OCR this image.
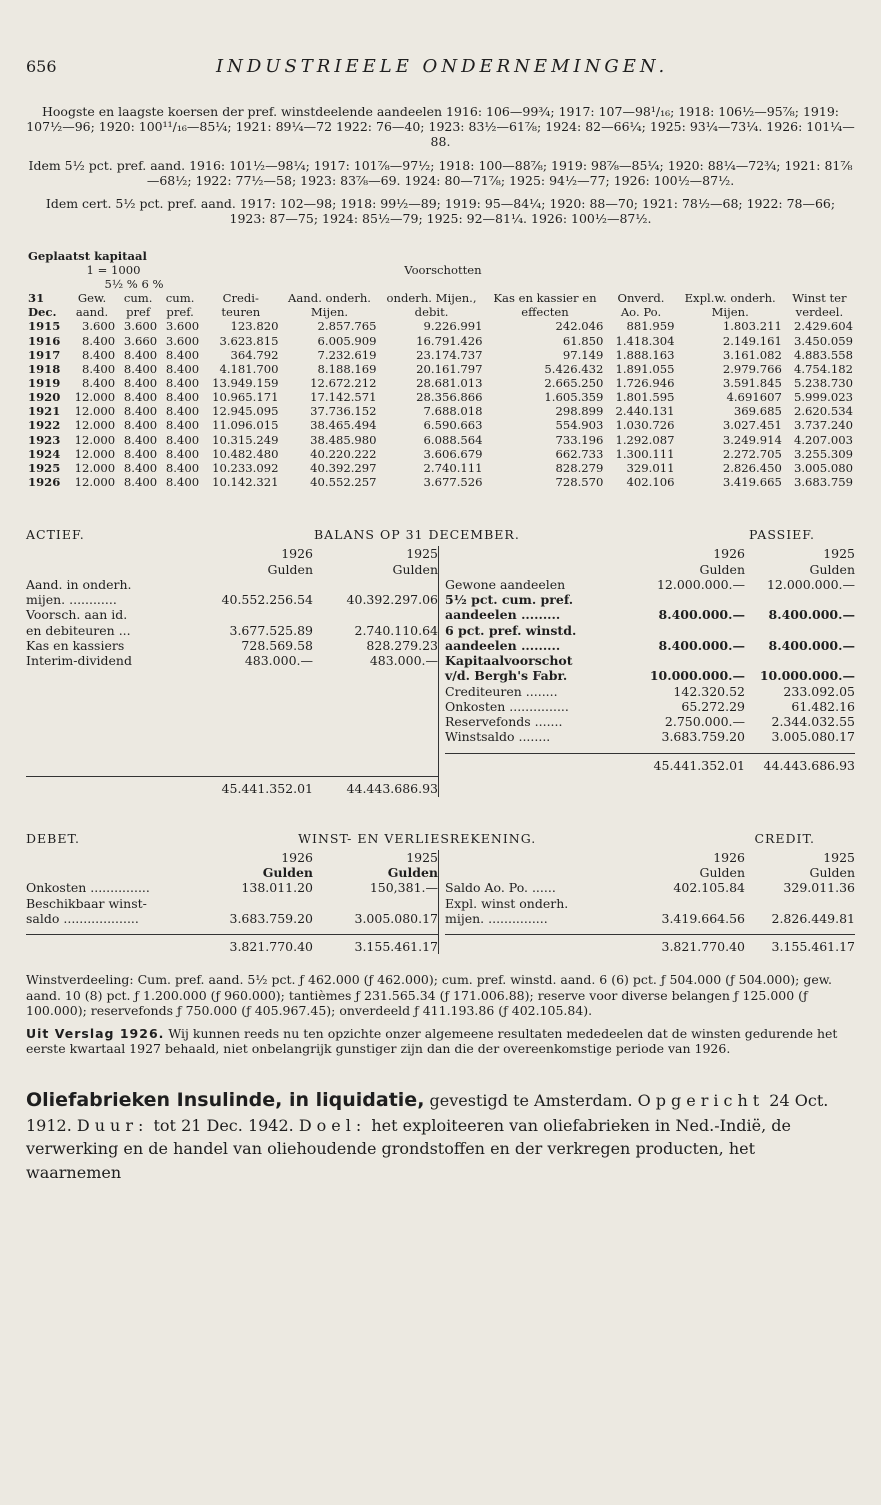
656	INDUSTRIEELE ONDERNEMINGEN.

Hoogste en laagste koersen der pref. winstdeelende aandeelen 1916: 106—99¾; 1917: 107—98¹/₁₆; 1918: 106½—95⅞; 1919: 107½—96; 1920: 100¹¹/₁₆—85¼; 1921: 89¼—72 1922: 76—40; 1923: 83½—61⅞; 1924: 82—66¼; 1925: 93¼—73¼. 1926: 101¼—88.

Idem 5½ pct. pref. aand. 1916: 101½—98¼; 1917: 101⅞—97½; 1918: 100—88⅞; 1919: 98⅞—85¼; 1920: 88¼—72¾; 1921: 81⅞—68½; 1922: 77½—58; 1923: 83⅞—69. 1924: 80—71⅞; 1925: 94½—77; 1926: 100½—87½.

Idem cert. 5½ pct. pref. aand. 1917: 102—98; 1918: 99½—89; 1919: 95—84¼; 1920: 88—70; 1921: 78½—68; 1922: 78—66; 1923: 87—75; 1924: 85½—79; 1925: 92—81¼. 1926: 100½—87½.

Geplaatst kapitaal										
1 = 1000					Voorschotten					
	5½ % 6 %									
31	Gew.	cum.	cum.	Credi-	Aand. onderh.	onderh. Mijen.,	Kas en kassier en	Onverd.	Expl.w. onderh.	Winst ter
Dec.	aand.	pref	pref.	teuren	Mijen.	debit.	effecten	Ao. Po.	Mijen.	verdeel.
1915	3.600	3.600	3.600	123.820	2.857.765	9.226.991	242.046	881.959	1.803.211	2.429.604
1916	8.400	3.660	3.600	3.623.815	6.005.909	16.791.426	61.850	1.418.304	2.149.161	3.450.059
1917	8.400	8.400	8.400	364.792	7.232.619	23.174.737	97.149	1.888.163	3.161.082	4.883.558
1918	8.400	8.400	8.400	4.181.700	8.188.169	20.161.797	5.426.432	1.891.055	2.979.766	4.754.182
1919	8.400	8.400	8.400	13.949.159	12.672.212	28.681.013	2.665.250	1.726.946	3.591.845	5.238.730
1920	12.000	8.400	8.400	10.965.171	17.142.571	28.356.866	1.605.359	1.801.595	4.691607	5.999.023
1921	12.000	8.400	8.400	12.945.095	37.736.152	7.688.018	298.899	2.440.131	369.685	2.620.534
1922	12.000	8.400	8.400	11.096.015	38.465.494	6.590.663	554.903	1.030.726	3.027.451	3.737.240
1923	12.000	8.400	8.400	10.315.249	38.485.980	6.088.564	733.196	1.292.087	3.249.914	4.207.003
1924	12.000	8.400	8.400	10.482.480	40.220.222	3.606.679	662.733	1.300.111	2.272.705	3.255.309
1925	12.000	8.400	8.400	10.233.092	40.392.297	2.740.111	828.279	329.011	2.826.450	3.005.080
1926	12.000	8.400	8.400	10.142.321	40.552.257	3.677.526	728.570	402.106	3.419.665	3.683.759
ACTIEF.	BALANS OP 31 DECEMBER.	PASSIEF.
1926	1925
Gulden	Gulden
Aand. in onderh.
mijen. ............	40.552.256.54	40.392.297.06
Voorsch. aan id.
en debiteuren ...	3.677.525.89	2.740.110.64
Kas en kassiers	728.569.58	828.279.23
Interim-dividend	483.000.—	483.000.—
45.441.352.01	44.443.686.93
1926	1925
Gulden	Gulden
Gewone aandeelen	12.000.000.—	12.000.000.—
5½ pct. cum. pref.
aandeelen .........	8.400.000.—	8.400.000.—
6 pct. pref. winstd.
aandeelen .........	8.400.000.—	8.400.000.—
Kapitaalvoorschot
v/d. Bergh's Fabr.	10.000.000.—	10.000.000.—
Crediteuren ........	142.320.52	233.092.05
Onkosten ...............	65.272.29	61.482.16
Reservefonds .......	2.750.000.—	2.344.032.55
Winstsaldo ........	3.683.759.20	3.005.080.17
45.441.352.01	44.443.686.93
DEBET.	WINST- EN VERLIESREKENING.	CREDIT.
1926	1925
Gulden	Gulden
Onkosten ...............	138.011.20	150,381.—
Beschikbaar winst-
saldo ...................	3.683.759.20	3.005.080.17
3.821.770.40	3.155.461.17
1926	1925
Gulden	Gulden
Saldo Ao. Po. ......	402.105.84	329.011.36
Expl. winst onderh.
mijen. ...............	3.419.664.56	2.826.449.81
3.821.770.40	3.155.461.17

Winstverdeeling: Cum. pref. aand. 5½ pct. ƒ 462.000 (ƒ 462.000); cum. pref. winstd. aand. 6 (6) pct. ƒ 504.000 (ƒ 504.000); gew. aand. 10 (8) pct. ƒ 1.200.000 (ƒ 960.000); tantièmes ƒ 231.565.34 (ƒ 171.006.88); reserve voor diverse belangen ƒ 125.000 (ƒ 100.000); reservefonds ƒ 750.000 (ƒ 405.967.45); onverdeeld ƒ 411.193.86 (ƒ 402.105.84).

Uit Verslag 1926. Wij kunnen reeds nu ten opzichte onzer algemeene resultaten mededeelen dat de winsten gedurende het eerste kwartaal 1927 behaald, niet onbelangrijk gunstiger zijn dan die der overeenkomstige periode van 1926.

Oliefabrieken Insulinde, in liquidatie, gevestigd te Amsterdam. Opgericht 24 Oct. 1912. Duur: tot 21 Dec. 1942. Doel: het exploiteeren van oliefabrieken in Ned.-Indië, de verwerking en de handel van oliehoudende grondstoffen en der verkregen producten, het waarnemen
